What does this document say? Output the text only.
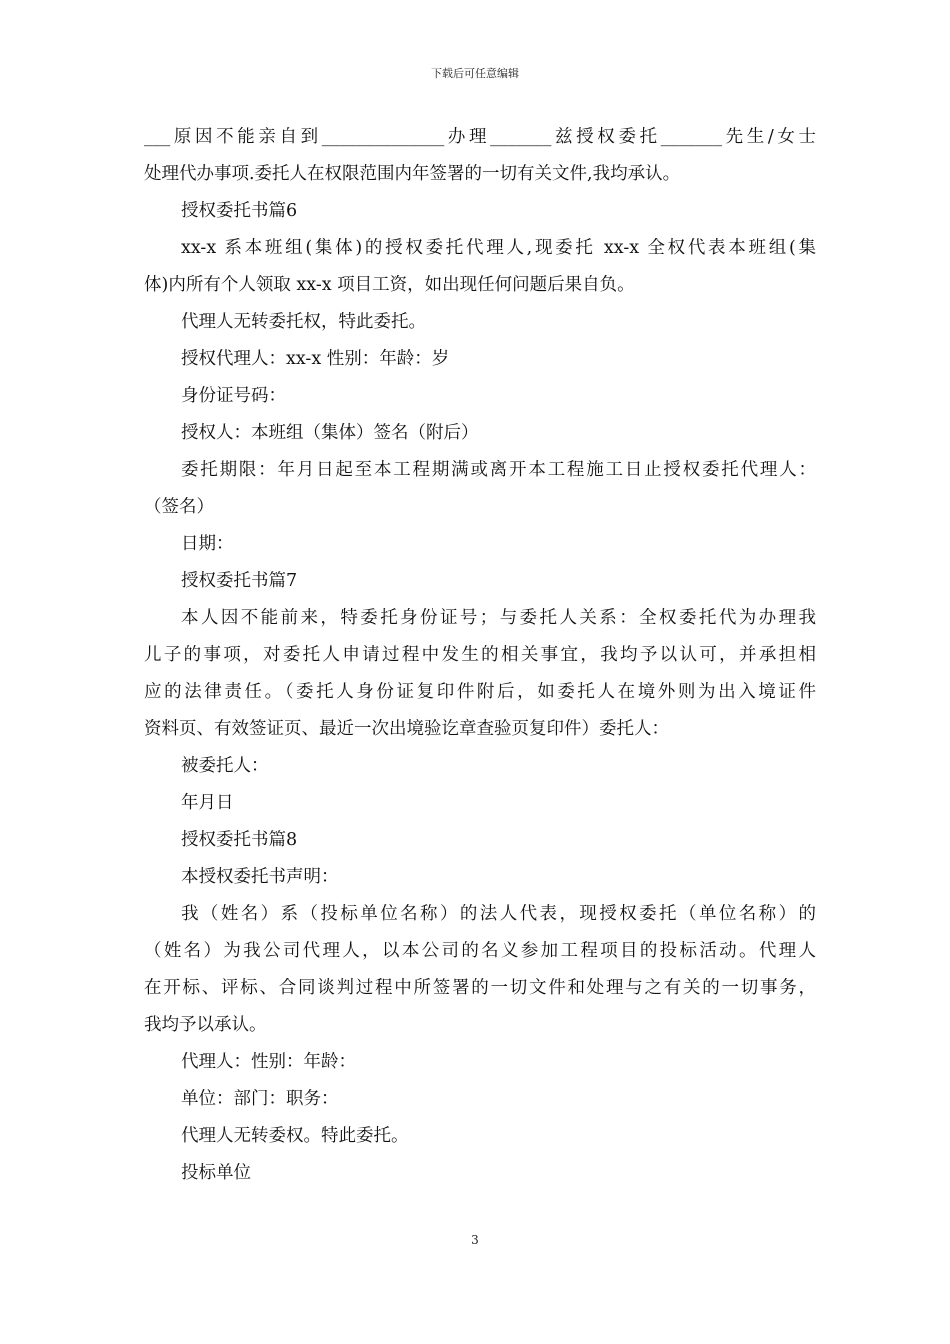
下载后可任意编辑

___原因不能亲自到______________办理_______兹授权委托_______先生/女士

处理代办事项.委托人在权限范围内年签署的一切有关文件,我均承认。

授权委托书篇6

xx-x 系本班组(集体)的授权委托代理人,现委托 xx-x 全权代表本班组(集

体)内所有个人领取 xx-x 项目工资，如出现任何问题后果自负。

代理人无转委托权，特此委托。

授权代理人：xx-x 性别：年龄：岁

身份证号码：

授权人：本班组（集体）签名（附后）

委托期限：年月日起至本工程期满或离开本工程施工日止授权委托代理人：

（签名）

日期：

授权委托书篇7

本人因不能前来，特委托身份证号；与委托人关系：全权委托代为办理我

儿子的事项，对委托人申请过程中发生的相关事宜，我均予以认可，并承担相

应的法律责任。（委托人身份证复印件附后，如委托人在境外则为出入境证件

资料页、有效签证页、最近一次出境验讫章查验页复印件）委托人：

被委托人：

年月日

授权委托书篇8

本授权委托书声明：

我（姓名）系（投标单位名称）的法人代表，现授权委托（单位名称）的

（姓名）为我公司代理人，以本公司的名义参加工程项目的投标活动。代理人

在开标、评标、合同谈判过程中所签署的一切文件和处理与之有关的一切事务，

我均予以承认。

代理人：性别：年龄：

单位：部门：职务：

代理人无转委权。特此委托。

投标单位

3
